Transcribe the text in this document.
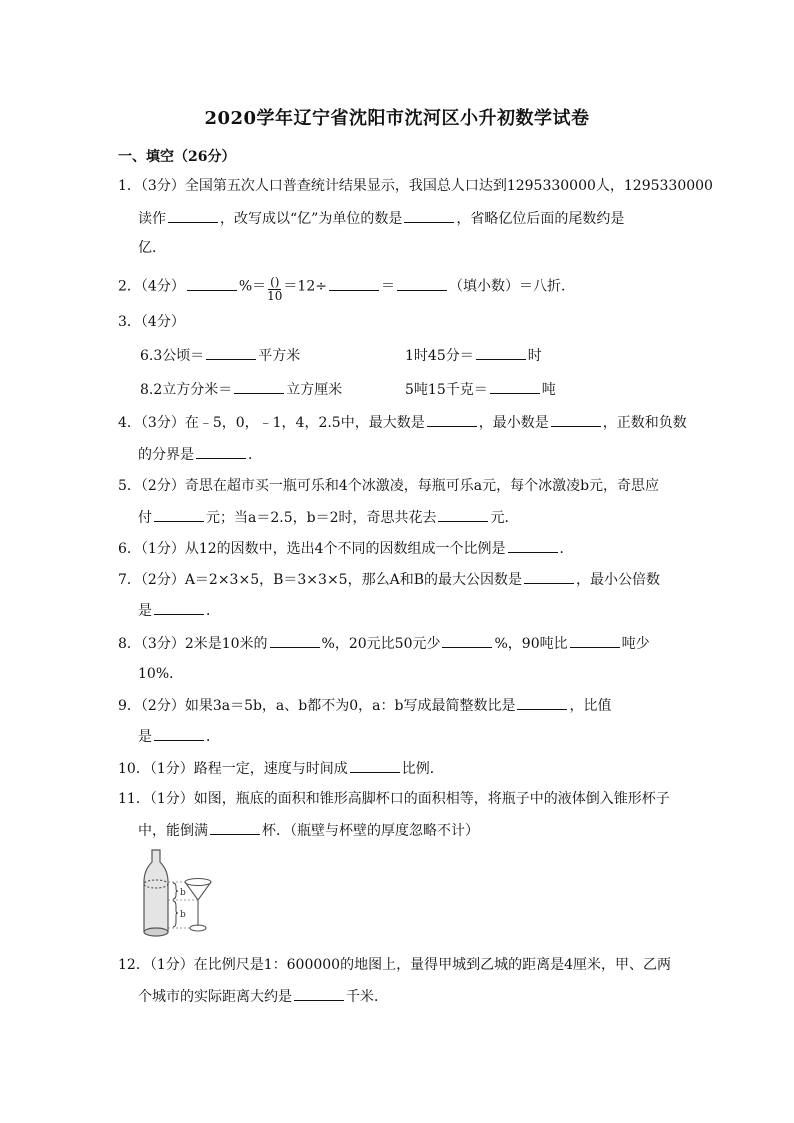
2020学年辽宁省沈阳市沈河区小升初数学试卷
一、填空（26分）
1．（3分）全国第五次人口普查统计结果显示，我国总人口达到1295330000人，1295330000
读作	，改写成以“亿”为单位的数是	，省略亿位后面的尾数约是
亿．
2．（4分）	%＝ $\frac{()}{10} =12\div$	＝	（填小数）＝八折．
3．（4分）
6.3公顷＝	平方米	1时45分＝	时
8.2立方分米＝	立方厘米	5吨15千克＝	吨
4．（3分）在﹣5，0，﹣1，4，2.5中，最大数是	，最小数是	，正数和负数
的分界是	．
5．（2分）奇思在超市买一瓶可乐和4个冰激凌，每瓶可乐a元，每个冰激凌b元，奇思应
付	元；当a＝2.5，b＝2时，奇思共花去	元．
6．（1分）从12的因数中，选出4个不同的因数组成一个比例是	．
7．（2分）A＝2×3×5，B＝3×3×5，那么A和B的最大公因数是	，最小公倍数
是	．
8．（3分）2米是10米的	%，20元比50元少	%，90吨比	吨少
10%．
9．（2分）如果3a＝5b，a、b都不为0，a：b写成最简整数比是	，比值
是	．
10．（1分）路程一定，速度与时间成	比例．
11．（1分）如图，瓶底的面积和锥形高脚杯口的面积相等，将瓶子中的液体倒入锥形杯子
中，能倒满	杯．（瓶壁与杯壁的厚度忽略不计）
b
b
12．（1分）在比例尺是1：600000的地图上，量得甲城到乙城的距离是4厘米，甲、乙两
个城市的实际距离大约是	千米．
